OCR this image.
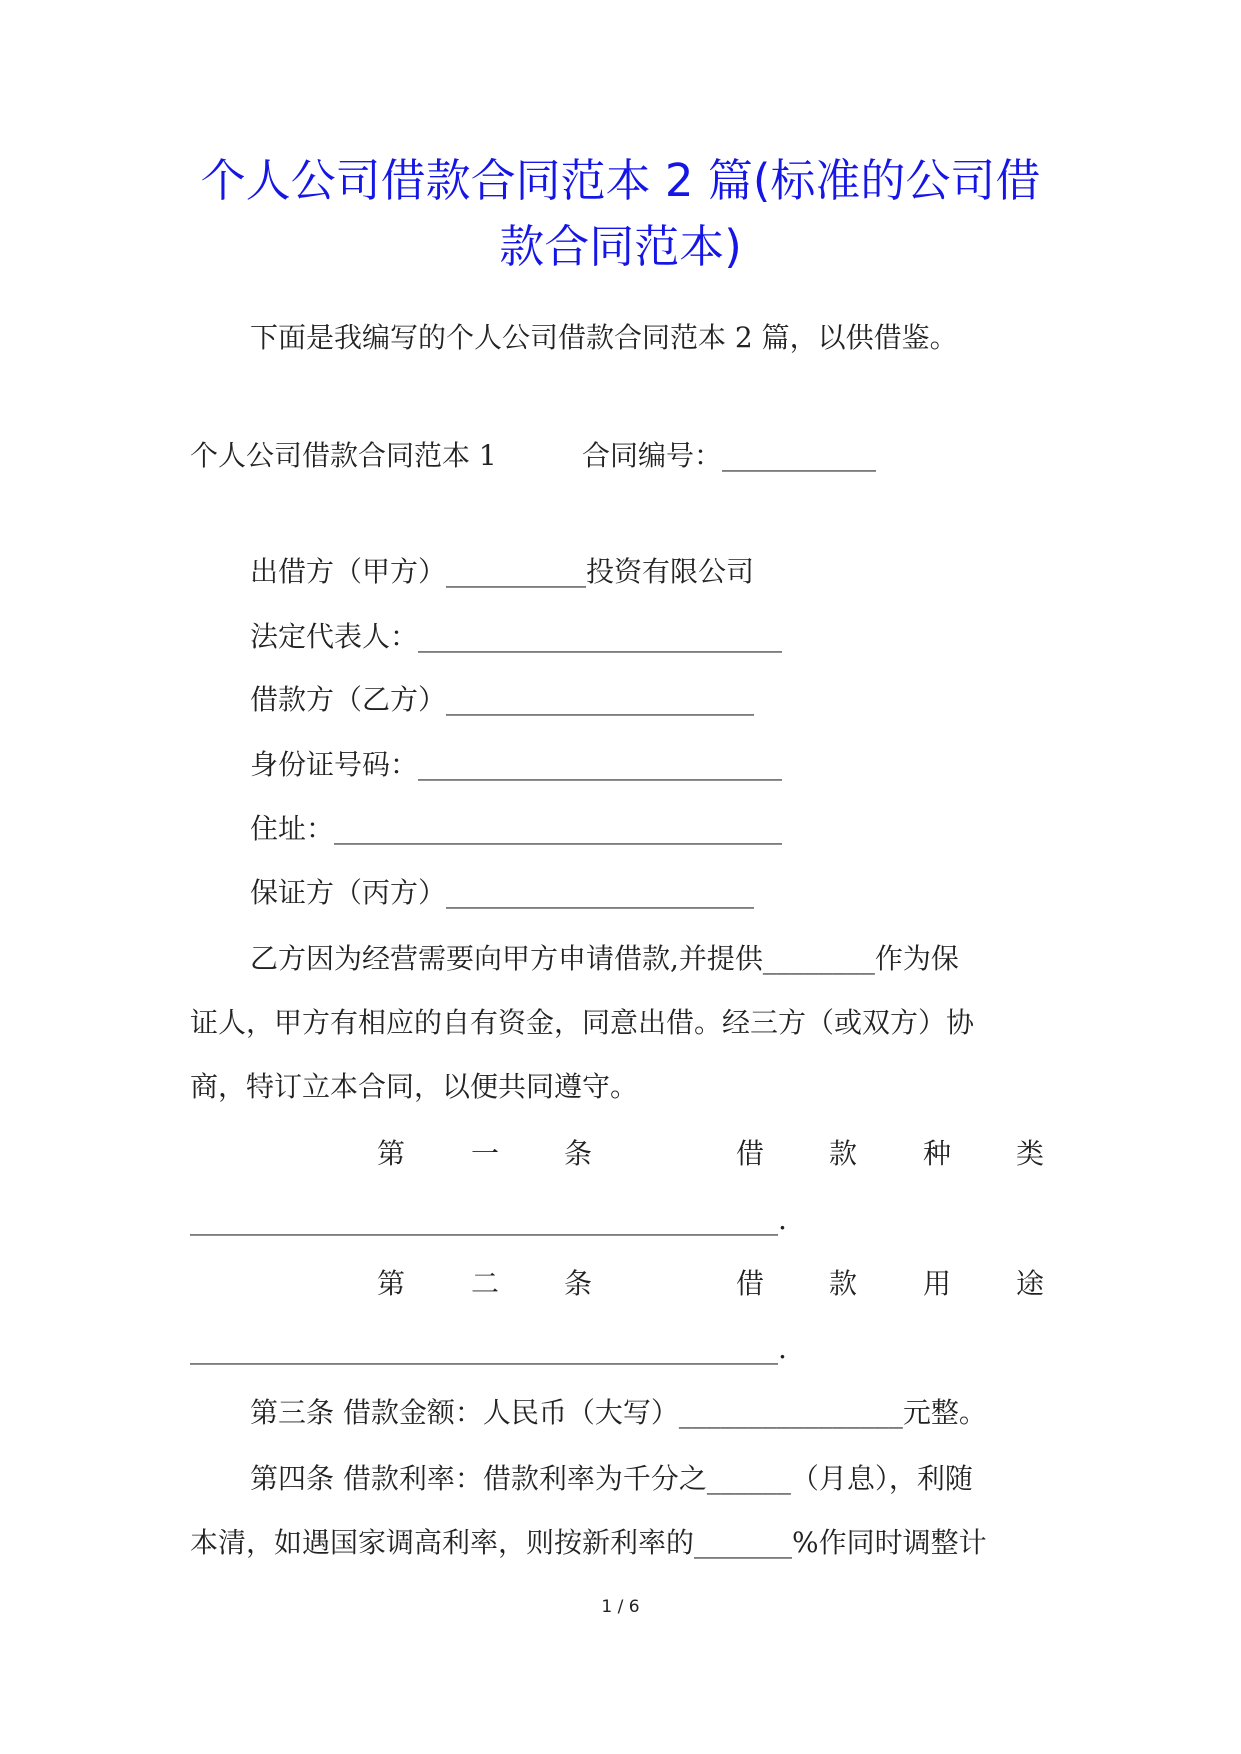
个人公司借款合同范本 2 篇(标准的公司借
款合同范本)
下面是我编写的个人公司借款合同范本 2 篇，以供借鉴。
个人公司借款合同范本 1	合同编号：___________
出借方（甲方）__________投资有限公司
法定代表人：__________________________
借款方（乙方）______________________
身份证号码：__________________________
住址：________________________________
保证方（丙方）______________________
乙方因为经营需要向甲方申请借款,并提供________作为保
证人，甲方有相应的自有资金，同意出借。经三方（或双方）协
商，特订立本合同，以便共同遵守。
第 一 条	借 款 种 类
__________________________________________.
第 二 条	借 款 用 途
__________________________________________.
第三条 借款金额：人民币（大写）________________元整。
第四条 借款利率：借款利率为千分之______（月息），利随
本清，如遇国家调高利率，则按新利率的_______%作同时调整计
1 / 6
